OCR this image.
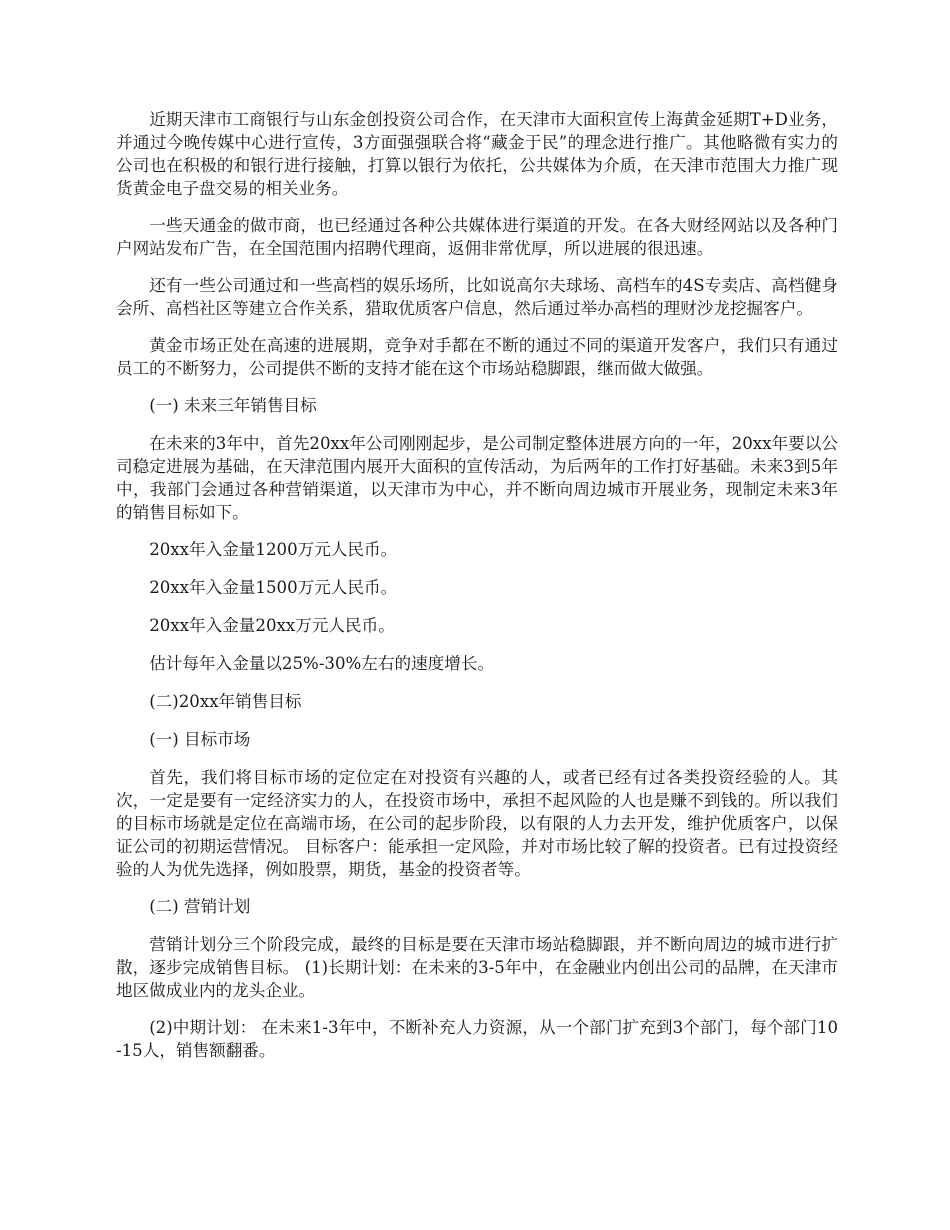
近期天津市工商银行与山东金创投资公司合作，在天津市大面积宣传上海黄金延期T+D业务，并通过今晚传媒中心进行宣传，3方面强强联合将“藏金于民”的理念进行推广。其他略微有实力的公司也在积极的和银行进行接触，打算以银行为依托，公共媒体为介质，在天津市范围大力推广现货黄金电子盘交易的相关业务。

一些天通金的做市商，也已经通过各种公共媒体进行渠道的开发。在各大财经网站以及各种门户网站发布广告，在全国范围内招聘代理商，返佣非常优厚，所以进展的很迅速。

还有一些公司通过和一些高档的娱乐场所，比如说高尔夫球场、高档车的4S专卖店、高档健身会所、高档社区等建立合作关系，猎取优质客户信息，然后通过举办高档的理财沙龙挖掘客户。

黄金市场正处在高速的进展期，竞争对手都在不断的通过不同的渠道开发客户，我们只有通过员工的不断努力，公司提供不断的支持才能在这个市场站稳脚跟，继而做大做强。

(一) 未来三年销售目标

在未来的3年中，首先20xx年公司刚刚起步，是公司制定整体进展方向的一年，20xx年要以公司稳定进展为基础，在天津范围内展开大面积的宣传活动，为后两年的工作打好基础。未来3到5年中，我部门会通过各种营销渠道，以天津市为中心，并不断向周边城市开展业务，现制定未来3年的销售目标如下。

20xx年入金量1200万元人民币。

20xx年入金量1500万元人民币。

20xx年入金量20xx万元人民币。

估计每年入金量以25%-30%左右的速度增长。

(二)20xx年销售目标

(一) 目标市场

首先，我们将目标市场的定位定在对投资有兴趣的人，或者已经有过各类投资经验的人。其次，一定是要有一定经济实力的人，在投资市场中，承担不起风险的人也是赚不到钱的。所以我们的目标市场就是定位在高端市场，在公司的起步阶段，以有限的人力去开发，维护优质客户，以保证公司的初期运营情况。 目标客户：能承担一定风险，并对市场比较了解的投资者。已有过投资经验的人为优先选择，例如股票，期货，基金的投资者等。

(二) 营销计划

营销计划分三个阶段完成，最终的目标是要在天津市场站稳脚跟，并不断向周边的城市进行扩散，逐步完成销售目标。 (1)长期计划：在未来的3-5年中，在金融业内创出公司的品牌，在天津市地区做成业内的龙头企业。

(2)中期计划： 在未来1-3年中，不断补充人力资源，从一个部门扩充到3个部门，每个部门10-15人，销售额翻番。
